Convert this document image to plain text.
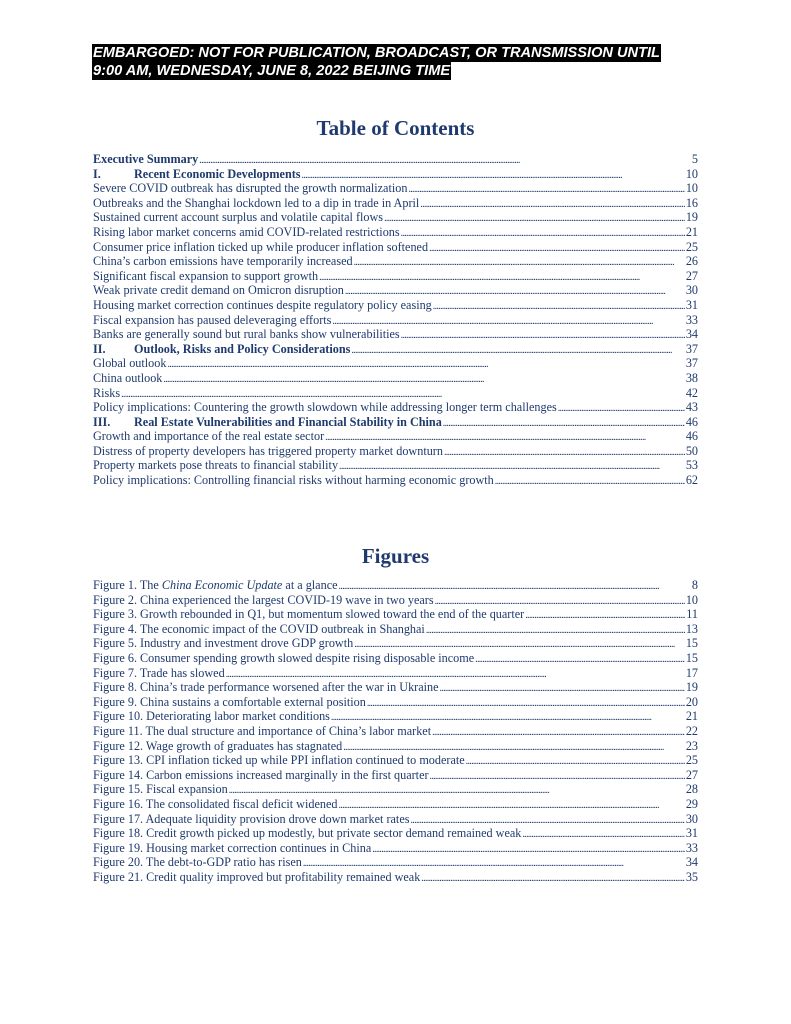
EMBARGOED: NOT FOR PUBLICATION, BROADCAST, OR TRANSMISSION UNTIL
9:00 AM, WEDNESDAY, JUNE 8, 2022 BEIJING TIME
Table of Contents
Executive Summary . . .	5
I.	Recent Economic Developments . . .	10
Severe COVID outbreak has disrupted the growth normalization . . .	10
Outbreaks and the Shanghai lockdown led to a dip in trade in April . . .	16
Sustained current account surplus and volatile capital flows . . .	19
Rising labor market concerns amid COVID-related restrictions . . .	21
Consumer price inflation ticked up while producer inflation softened . . .	25
China’s carbon emissions have temporarily increased . . .	26
Significant fiscal expansion to support growth . . .	27
Weak private credit demand on Omicron disruption . . .	30
Housing market correction continues despite regulatory policy easing . . .	31
Fiscal expansion has paused deleveraging efforts . . .	33
Banks are generally sound but rural banks show vulnerabilities . . .	34
II. Outlook, Risks and Policy Considerations . . .	37
Global outlook . . .	37
China outlook . . .	38
Risks . . .	42
Policy implications: Countering the growth slowdown while addressing longer term challenges . . .	43
III. Real Estate Vulnerabilities and Financial Stability in China . . .	46
Growth and importance of the real estate sector . . .	46
Distress of property developers has triggered property market downturn . . .	50
Property markets pose threats to financial stability . . .	53
Policy implications: Controlling financial risks without harming economic growth . . .	62
Figures
Figure 1. The China Economic Update at a glance . . .	8
Figure 2. China experienced the largest COVID-19 wave in two years . . .	10
Figure 3. Growth rebounded in Q1, but momentum slowed toward the end of the quarter . . .	11
Figure 4. The economic impact of the COVID outbreak in Shanghai . . .	13
Figure 5. Industry and investment drove GDP growth . . .	15
Figure 6. Consumer spending growth slowed despite rising disposable income . . .	15
Figure 7. Trade has slowed . . .	17
Figure 8. China’s trade performance worsened after the war in Ukraine . . .	19
Figure 9. China sustains a comfortable external position . . .	20
Figure 10. Deteriorating labor market conditions . . .	21
Figure 11. The dual structure and importance of China’s labor market . . .	22
Figure 12. Wage growth of graduates has stagnated . . .	23
Figure 13. CPI inflation ticked up while PPI inflation continued to moderate . . .	25
Figure 14. Carbon emissions increased marginally in the first quarter . . .	27
Figure 15. Fiscal expansion . . .	28
Figure 16. The consolidated fiscal deficit widened . . .	29
Figure 17. Adequate liquidity provision drove down market rates . . .	30
Figure 18. Credit growth picked up modestly, but private sector demand remained weak . . .	31
Figure 19. Housing market correction continues in China . . .	33
Figure 20. The debt-to-GDP ratio has risen . . .	34
Figure 21. Credit quality improved but profitability remained weak . . .	35
